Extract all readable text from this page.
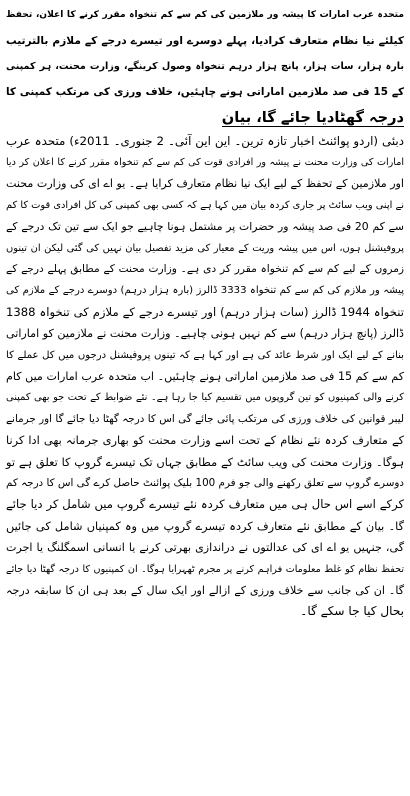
متحدہ عرب امارات کا پیشہ ور ملازمین کی کم سے کم تنخواہ مقرر کرنے کا اعلان، تحفظ
کیلئے نیا نظام متعارف کرادیا، پہلے دوسرے اور تیسرے درجے کے ملازم بالترتیب
بارہ ہزار، سات ہزار، پانچ ہزار درہم تنخواہ وصول کرینگے، وزارت محنت، ہر کمپنی
کے 15 فی صد ملازمین اماراتی ہونے چاہئیں، خلاف ورزی کی مرتکب کمپنی کا
درجہ گھٹادیا جائے گا، بیان
دبئی (اردو پوائنٹ اخبار تازہ ترین۔ این این آئی۔ 2 جنوری۔ 2011ء) متحدہ عرب
امارات کی وزارت محنت نے پیشہ ور افرادی قوت کی کم سے کم تنخواہ مقرر کرنے کا اعلان کر دیا
اور ملازمین کے تحفظ کے لیے ایک نیا نظام متعارف کرایا ہے۔ یو اے ای کی وزارت محنت
نے اپنی ویب سائٹ پر جاری کردہ بیان میں کہا ہے کہ کسی بھی کمپنی کی کل افرادی قوت کا کم
سے کم 20 فی صد پیشہ ور حضرات پر مشتمل ہونا چاہیے جو ایک سے تین تک درجے کے
پروفیشنل ہوں، اس میں پیشہ وریت کے معیار کی مزید تفصیل بیان نہیں کی گئی لیکن ان تینوں
زمروں کے لیے کم سے کم تنخواہ مقرر کر دی ہے۔ وزارت محنت کے مطابق پہلے درجے کے
پیشہ ور ملازم کی کم سے کم تنخواہ 3333 ڈالرز (بارہ ہزار درہم) دوسرے درجے کے ملازم کی
تنخواہ 1944 ڈالرز (سات ہزار درہم) اور تیسرے درجے کے ملازم کی تنخواہ 1388
ڈالرز (پانچ ہزار درہم) سے کم نہیں ہونی چاہیے۔ وزارت محنت نے ملازمین کو اماراتی
بنانے کے لیے ایک اور شرط عائد کی ہے اور کہا ہے کہ تینوں پروفیشنل درجوں میں کل عملے کا
کم سے کم 15 فی صد ملازمین اماراتی ہونے چاہئیں۔ اب متحدہ عرب امارات میں کام
کرنے والی کمپنیوں کو تین گروپوں میں تقسیم کیا جا رہا ہے۔ نئے ضوابط کے تحت جو بھی کمپنی
لیبر قوانین کی خلاف ورزی کی مرتکب پائی جائے گی اس کا درجہ گھٹا دیا جائے گا اور جرمانے
کے متعارف کردہ نئے نظام کے تحت اسے وزارت محنت کو بھاری جرمانہ بھی ادا کرنا
ہوگا۔ وزارت محنت کی ویب سائٹ کے مطابق جہاں تک تیسرے گروپ کا تعلق ہے تو
دوسرے گروپ سے تعلق رکھنے والی جو فرم 100 بلیک پوائنٹ حاصل کرے گی اس کا درجہ کم
کرکے اسے اس حال ہی میں متعارف کردہ نئے تیسرے گروپ میں شامل کر دیا جائے
گا۔ بیان کے مطابق نئے متعارف کردہ تیسرے گروپ میں وہ کمپنیاں شامل کی جائیں
گی، جنہیں یو اے ای کی عدالتوں نے دراندازی بھرتی کرنے یا انسانی اسمگلنگ یا اجرت
تحفظ نظام کو غلط معلومات فراہم کرنے پر مجرم ٹھہرایا ہوگا۔ ان کمپنیوں کا درجہ گھٹا دیا جائے
گا۔ ان کی جانب سے خلاف ورزی کے ازالے اور ایک سال کے بعد ہی ان کا سابقہ درجہ
بحال کیا جا سکے گا۔
